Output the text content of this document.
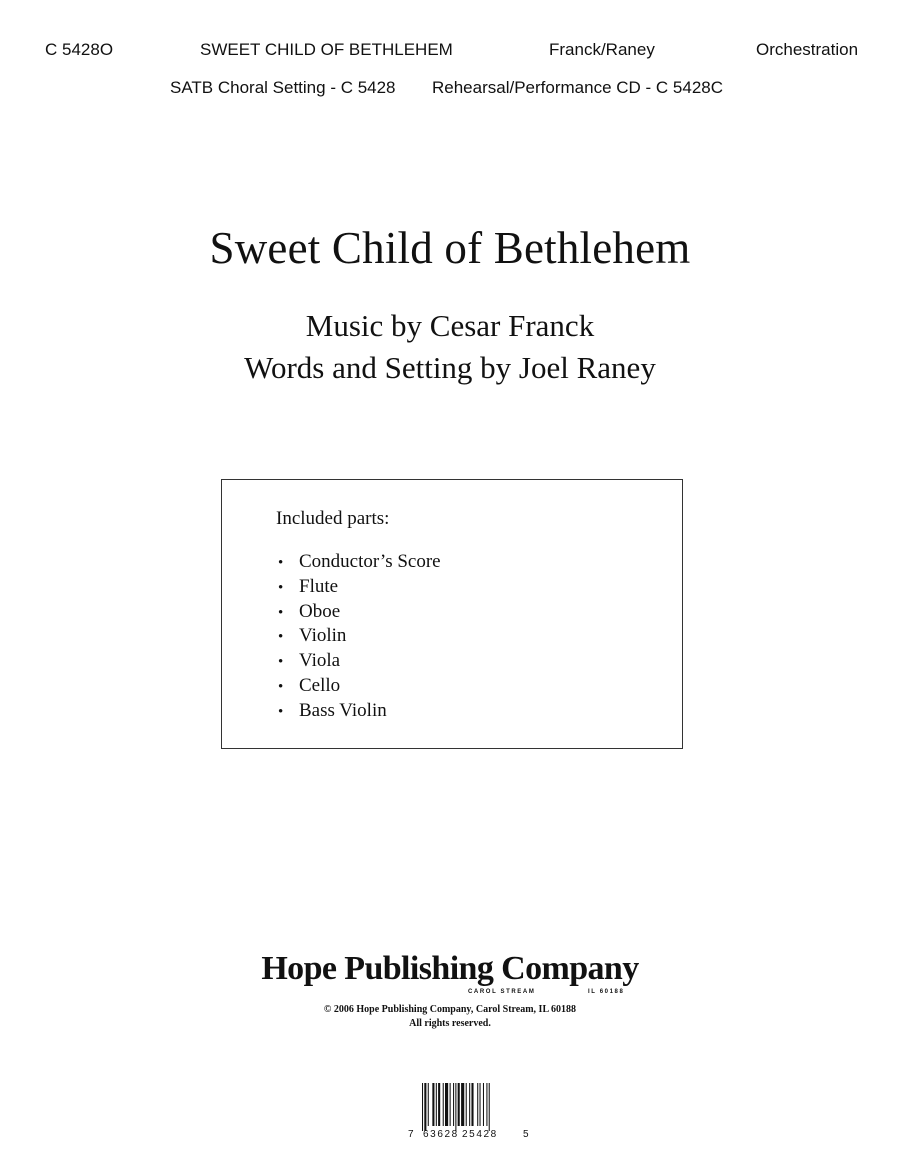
C 5428O	SWEET CHILD OF BETHLEHEM	Franck/Raney	Orchestration
SATB Choral Setting - C 5428 Rehearsal/Performance CD - C 5428C
Sweet Child of Bethlehem
Music by Cesar Franck
Words and Setting by Joel Raney
Included parts:
• Conductor’s Score
• Flute
• Oboe
• Violin
• Viola
• Cello
• Bass Violin
Hope Publishing Company
CAROL STREAM	IL 60188
© 2006 Hope Publishing Company, Carol Stream, IL 60188
All rights reserved.
7 63628 25428	5
